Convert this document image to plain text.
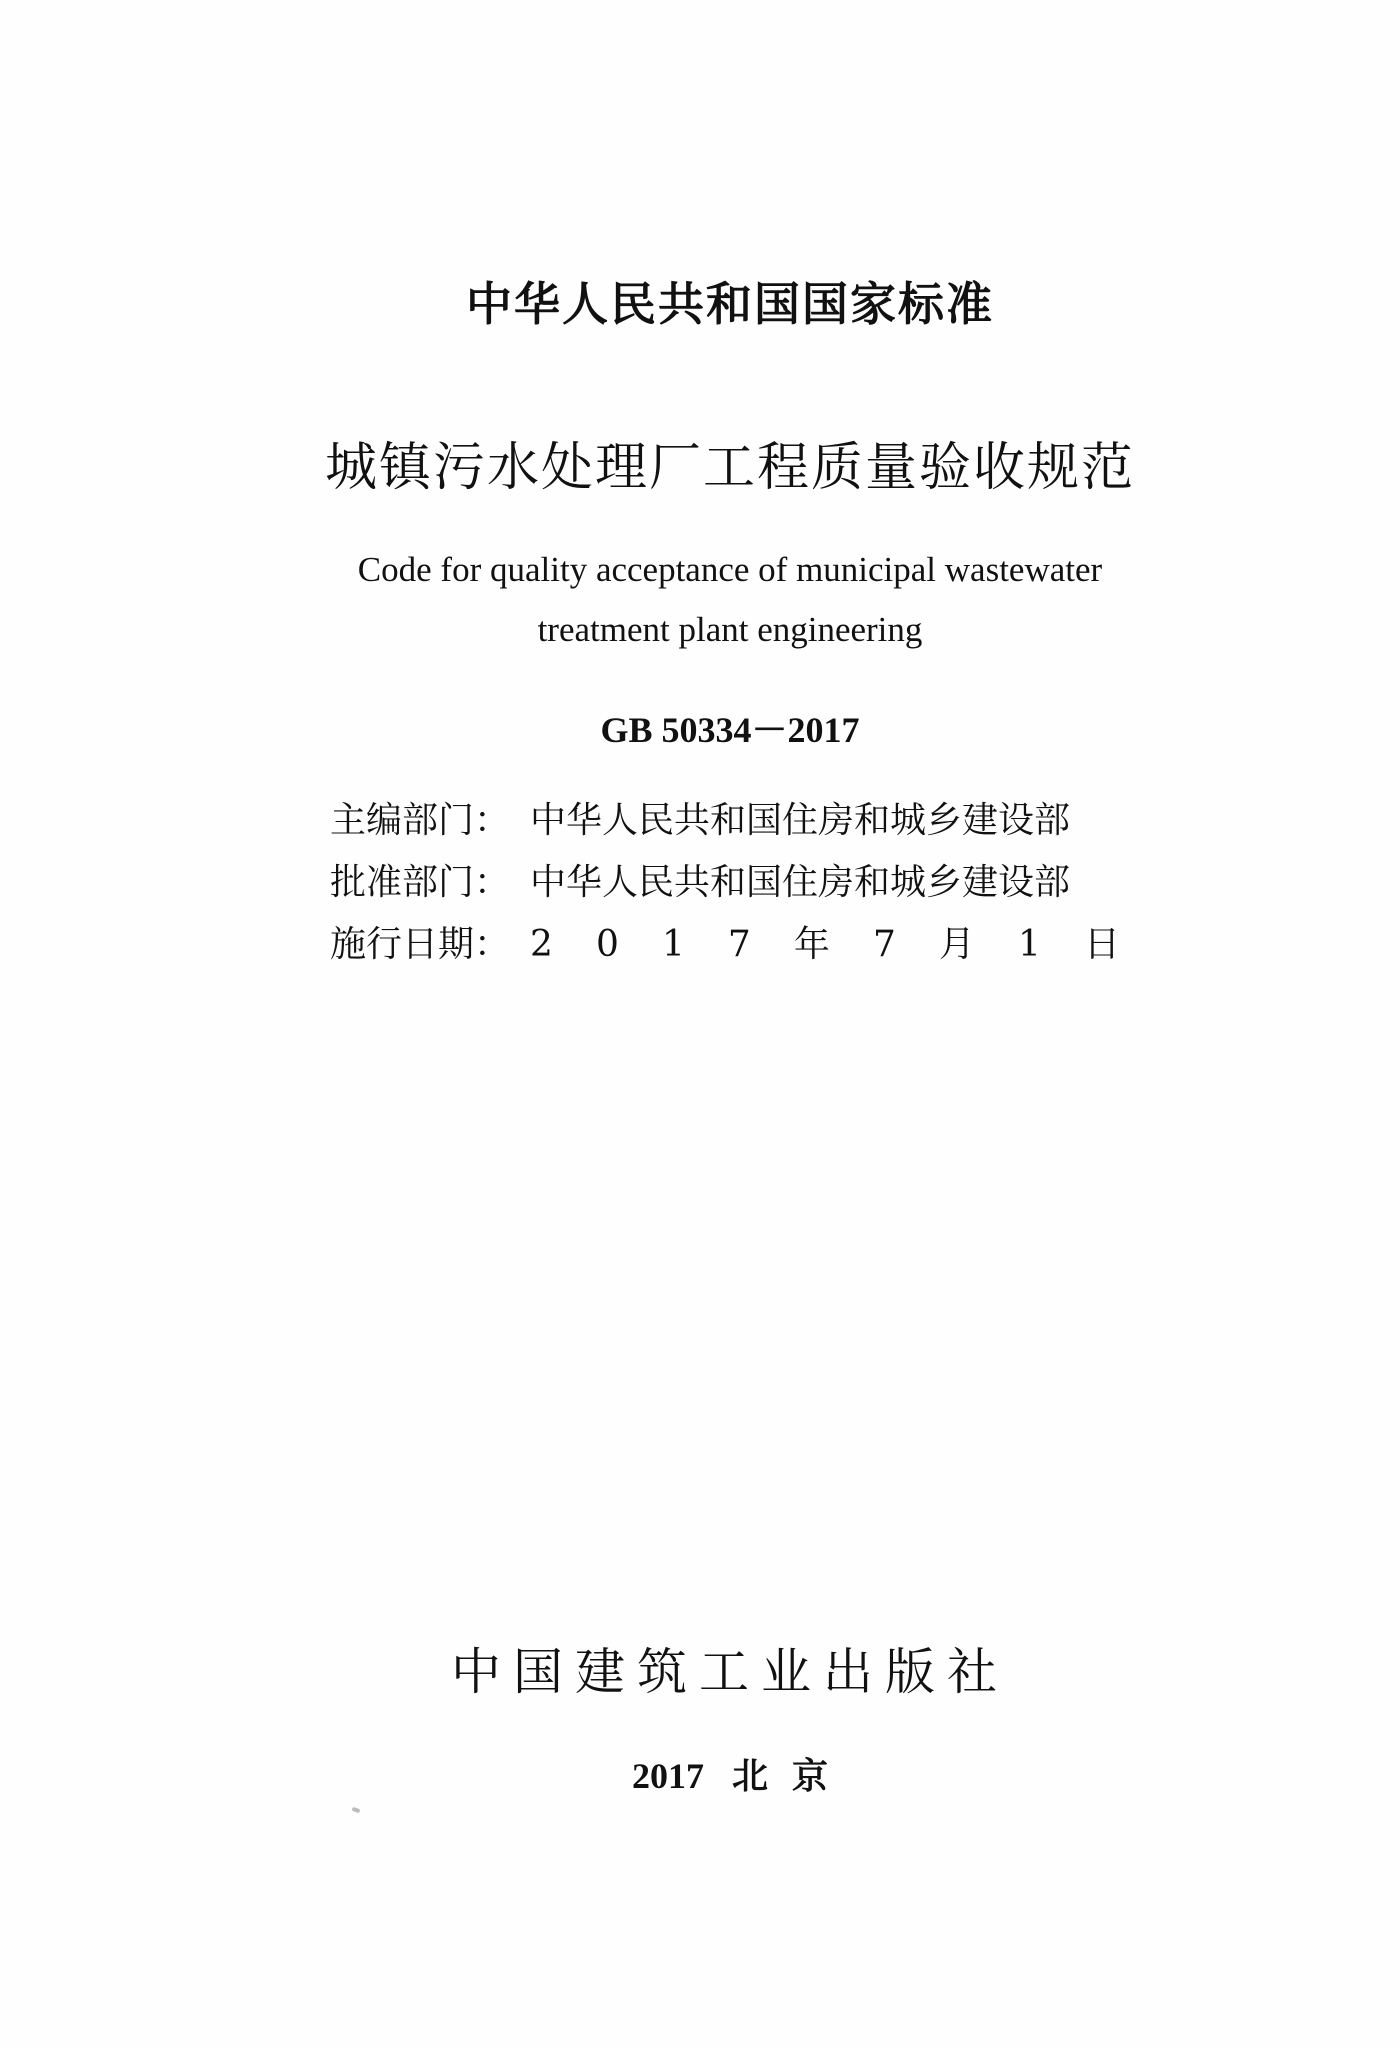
中华人民共和国国家标准
城镇污水处理厂工程质量验收规范
Code for quality acceptance of municipal wastewater
treatment plant engineering
GB 50334－2017
主编部门： 中华人民共和国住房和城乡建设部
批准部门： 中华人民共和国住房和城乡建设部
施行日期： 2 0 1 7 年 7 月 1 日
中国建筑工业出版社
2017 北 京
